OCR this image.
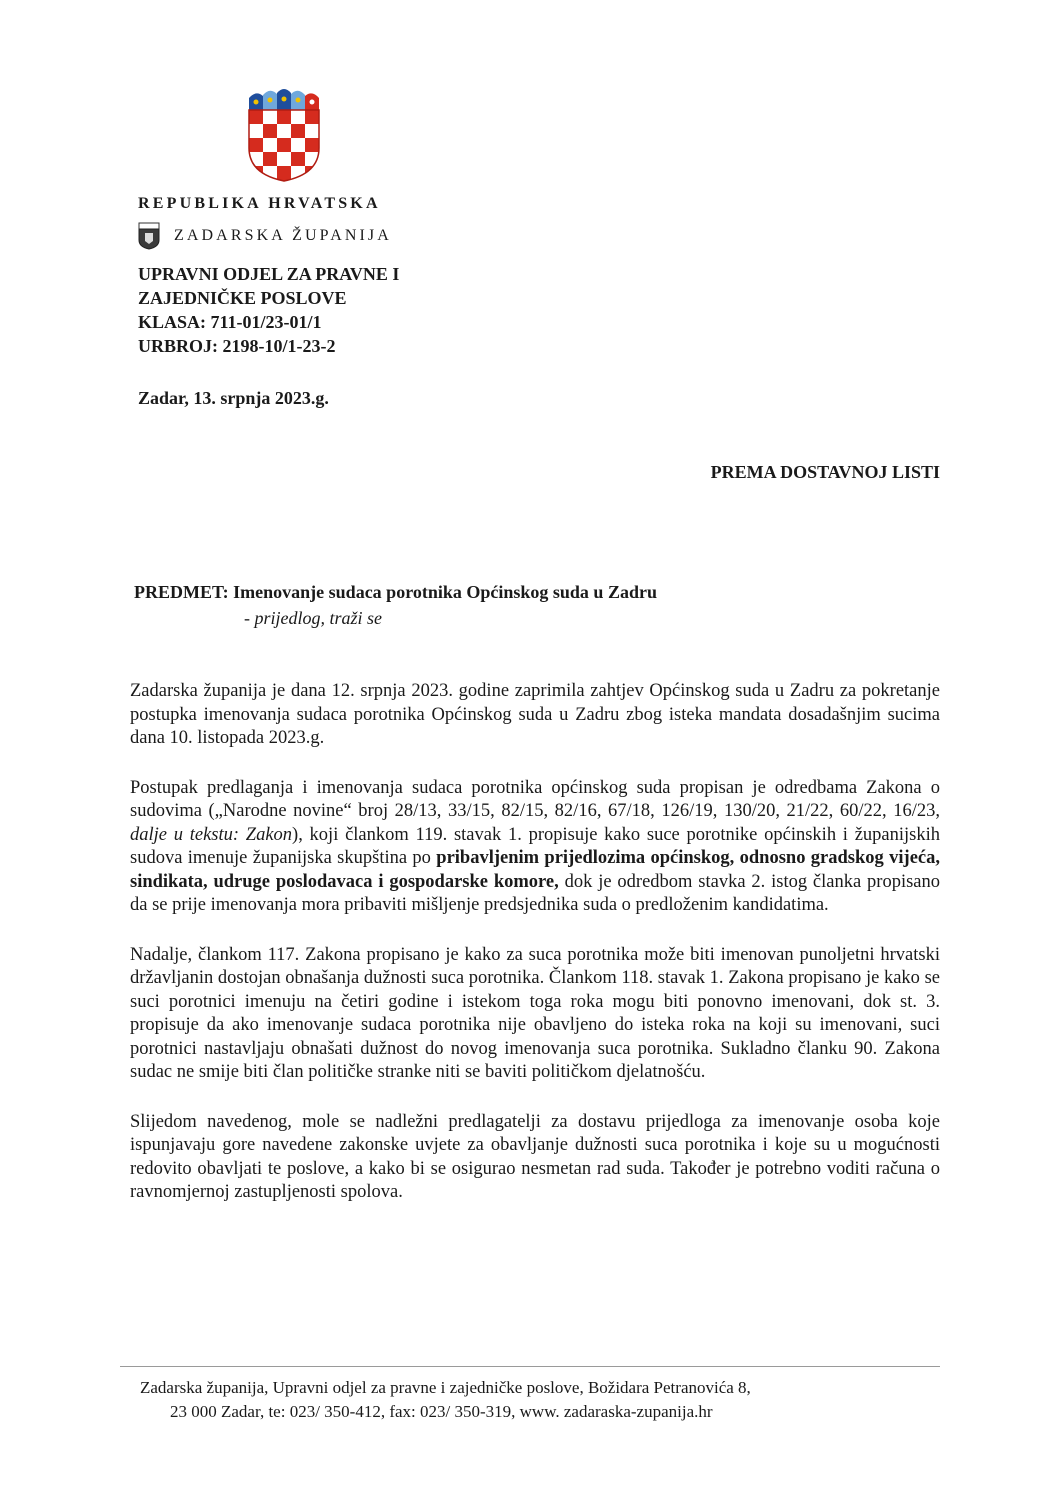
REPUBLIKA HRVATSKA
ZADARSKA ŽUPANIJA
UPRAVNI ODJEL ZA PRAVNE I
ZAJEDNIČKE POSLOVE
KLASA: 711-01/23-01/1
URBROJ: 2198-10/1-23-2
Zadar, 13. srpnja 2023.g.
PREMA DOSTAVNOJ LISTI
PREDMET: Imenovanje sudaca porotnika Općinskog suda u Zadru
- prijedlog, traži se

Zadarska županija je dana 12. srpnja 2023. godine zaprimila zahtjev Općinskog suda u Zadru za pokretanje postupka imenovanja sudaca porotnika Općinskog suda u Zadru zbog isteka mandata dosadašnjim sucima dana 10. listopada 2023.g.

Postupak predlaganja i imenovanja sudaca porotnika općinskog suda propisan je odredbama Zakona o sudovima („Narodne novine“ broj 28/13, 33/15, 82/15, 82/16, 67/18, 126/19, 130/20, 21/22, 60/22, 16/23, dalje u tekstu: Zakon), koji člankom 119. stavak 1. propisuje kako suce porotnike općinskih i županijskih sudova imenuje županijska skupština po pribavljenim prijedlozima općinskog, odnosno gradskog vijeća, sindikata, udruge poslodavaca i gospodarske komore, dok je odredbom stavka 2. istog članka propisano da se prije imenovanja mora pribaviti mišljenje predsjednika suda o predloženim kandidatima.

Nadalje, člankom 117. Zakona propisano je kako za suca porotnika može biti imenovan punoljetni hrvatski državljanin dostojan obnašanja dužnosti suca porotnika. Člankom 118. stavak 1. Zakona propisano je kako se suci porotnici imenuju na četiri godine i istekom toga roka mogu biti ponovno imenovani, dok st. 3. propisuje da ako imenovanje sudaca porotnika nije obavljeno do isteka roka na koji su imenovani, suci porotnici nastavljaju obnašati dužnost do novog imenovanja suca porotnika. Sukladno članku 90. Zakona sudac ne smije biti član političke stranke niti se baviti političkom djelatnošću.

Slijedom navedenog, mole se nadležni predlagatelji za dostavu prijedloga za imenovanje osoba koje ispunjavaju gore navedene zakonske uvjete za obavljanje dužnosti suca porotnika i koje su u mogućnosti redovito obavljati te poslove, a kako bi se osigurao nesmetan rad suda. Također je potrebno voditi računa o ravnomjernoj zastupljenosti spolova.

Zadarska županija, Upravni odjel za pravne i zajedničke poslove, Božidara Petranovića 8,
23 000 Zadar, te: 023/ 350-412, fax: 023/ 350-319, www. zadaraska-zupanija.hr
